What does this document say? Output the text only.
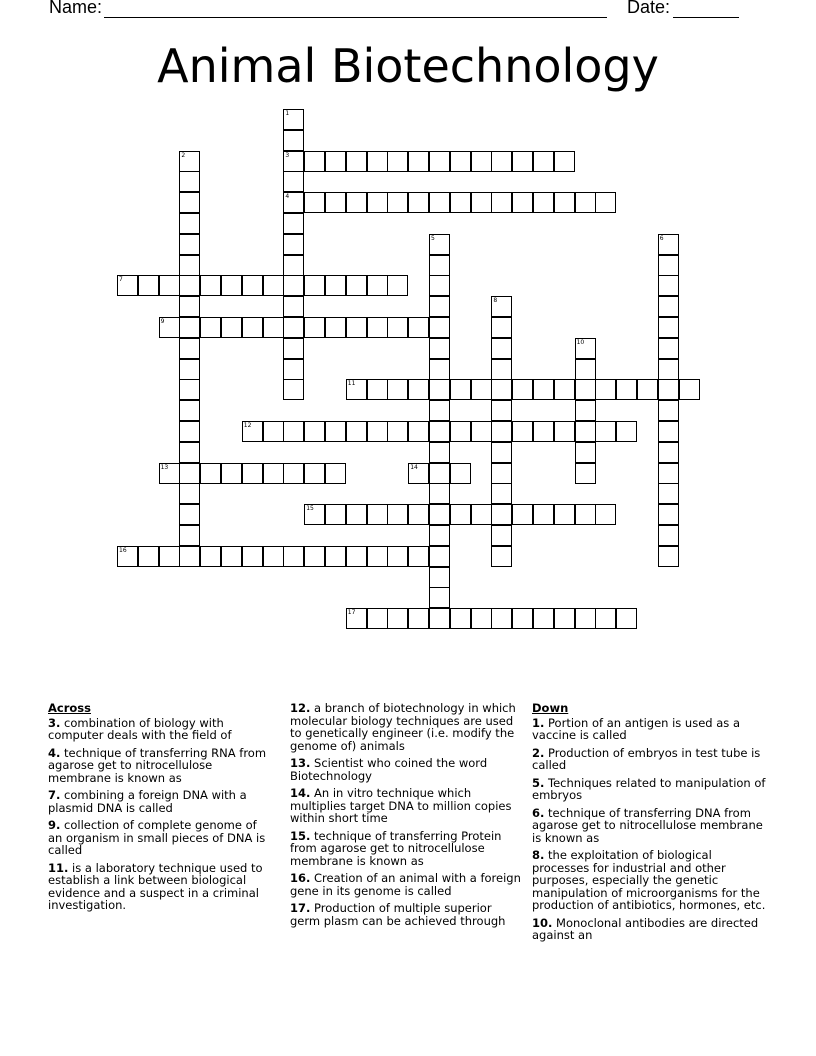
Name:	Date:
Animal Biotechnology
3
4
7
9
11
12
13	14
15
16
17
1
2
5	6
8
10
Across
3. combination of biology with computer deals with the field of
4. technique of transferring RNA from agarose get to nitrocellulose membrane is known as
7. combining a foreign DNA with a plasmid DNA is called
9. collection of complete genome of an organism in small pieces of DNA is called
11. is a laboratory technique used to establish a link between biological evidence and a suspect in a criminal investigation.
12. a branch of biotechnology in which molecular biology techniques are used to genetically engineer (i.e. modify the genome of) animals
13. Scientist who coined the word Biotechnology
14. An in vitro technique which multiplies target DNA to million copies within short time
15. technique of transferring Protein from agarose get to nitrocellulose membrane is known as
16. Creation of an animal with a foreign gene in its genome is called
17. Production of multiple superior germ plasm can be achieved through
Down
1. Portion of an antigen is used as a vaccine is called
2. Production of embryos in test tube is called
5. Techniques related to manipulation of embryos
6. technique of transferring DNA from agarose get to nitrocellulose membrane is known as
8. the exploitation of biological processes for industrial and other purposes, especially the genetic manipulation of microorganisms for the production of antibiotics, hormones, etc.
10. Monoclonal antibodies are directed against an
